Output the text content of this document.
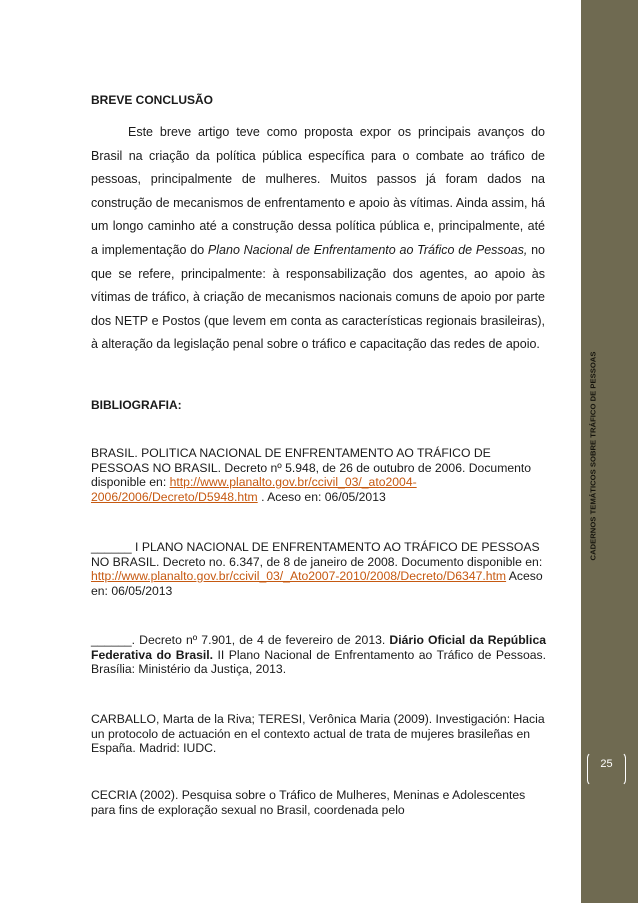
CADERNOS TEMÁTICOS SOBRE TRÁFICO DE PESSOAS
25
BREVE CONCLUSÃO

Este breve artigo teve como proposta expor os principais avanços do Brasil na criação da política pública específica para o combate ao tráfico de pessoas, principalmente de mulheres. Muitos passos já foram dados na construção de mecanismos de enfrentamento e apoio às vítimas. Ainda assim, há um longo caminho até a construção dessa política pública e, principalmente, até a implementação do Plano Nacional de Enfrentamento ao Tráfico de Pessoas, no que se refere, principalmente: à responsabilização dos agentes, ao apoio às vítimas de tráfico, à criação de mecanismos nacionais comuns de apoio por parte dos NETP e Postos (que levem em conta as características regionais brasileiras), à alteração da legislação penal sobre o tráfico e capacitação das redes de apoio.

BIBLIOGRAFIA:

BRASIL. POLITICA NACIONAL DE ENFRENTAMENTO AO TRÁFICO DE PESSOAS NO BRASIL. Decreto nº 5.948, de 26 de outubro de 2006. Documento disponible en: http://www.planalto.gov.br/ccivil_03/_ato2004-2006/2006/Decreto/D5948.htm . Aceso en: 06/05/2013

______ I PLANO NACIONAL DE ENFRENTAMENTO AO TRÁFICO DE PESSOAS NO BRASIL. Decreto no. 6.347, de 8 de janeiro de 2008. Documento disponible en: http://www.planalto.gov.br/ccivil_03/_Ato2007-2010/2008/Decreto/D6347.htm Aceso en: 06/05/2013

______. Decreto nº 7.901, de 4 de fevereiro de 2013. Diário Oficial da República Federativa do Brasil. II Plano Nacional de Enfrentamento ao Tráfico de Pessoas. Brasília: Ministério da Justiça, 2013.

CARBALLO, Marta de la Riva; TERESI, Verônica Maria (2009). Investigación: Hacia un protocolo de actuación en el contexto actual de trata de mujeres brasileñas en España. Madrid: IUDC.

CECRIA (2002). Pesquisa sobre o Tráfico de Mulheres, Meninas e Adolescentes para fins de exploração sexual no Brasil, coordenada pelo
